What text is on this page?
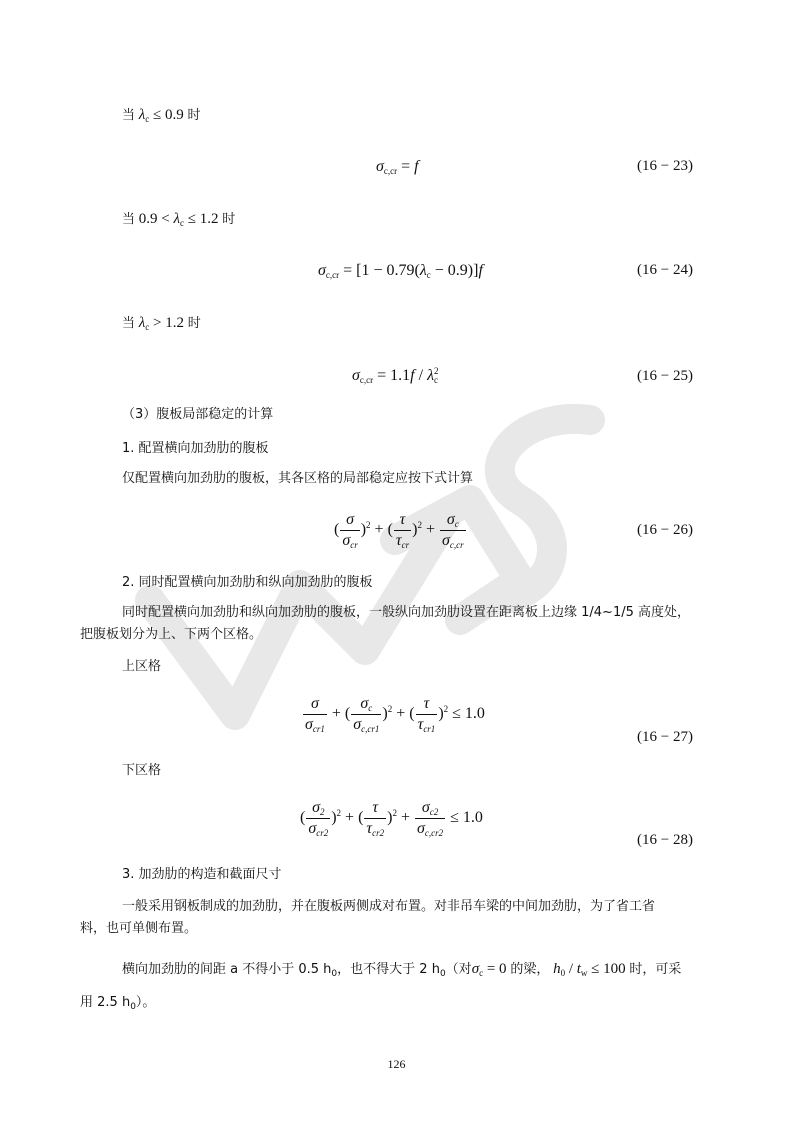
当 $\lambda_c \le 0.9$ 时
$\sigma_{c,cr} = f$	(16 − 23)
当 $0.9 < \lambda_c \le 1.2$ 时
$\sigma_{c,cr} = [1 - 0.79(\lambda_c - 0.9)]f$	(16 − 24)
当 $\lambda_c > 1.2$ 时
$\sigma_{c,cr} = 1.1f / \lambda_c^2$	(16 − 25)
（3）腹板局部稳定的计算
1. 配置横向加劲肋的腹板
仅配置横向加劲肋的腹板，其各区格的局部稳定应按下式计算
( $\frac{\sigma}{\sigma_{cr}} )^2$ + ( $\frac{\tau}{\tau_{cr}} )^2 + \frac{\sigma_c}{\sigma_{c,cr}}$	(16 − 26)
2. 同时配置横向加劲肋和纵向加劲肋的腹板
同时配置横向加劲肋和纵向加劲肋的腹板，一般纵向加劲肋设置在距离板上边缘 1/4~1/5 高度处，
把腹板划分为上、下两个区格。
上区格
$\frac{\sigma}{\sigma_{cr1}}$ + ( $\frac{\sigma_c}{\sigma_{c,cr1}} )^2$ + ( $\frac{\tau}{\tau_{cr1}} )^2 \le 1.0$
(16 − 27)
下区格
( $\frac{\sigma_2}{\sigma_{cr2}} )^2$ + ( $\frac{\tau}{\tau_{cr2}} )^2 + \frac{\sigma_{c2}}{\sigma_{c,cr2}} \le 1.0$
(16 − 28)
3. 加劲肋的构造和截面尺寸
一般采用钢板制成的加劲肋，并在腹板两侧成对布置。对非吊车梁的中间加劲肋，为了省工省
料，也可单侧布置。
横向加劲肋的间距 a 不得小于 0.5 $h_0$，也不得大于 2 $h_0$（对$\sigma_c = 0$ 的梁， $h_0 / t_w \le 100$ 时，可采
用 2.5 $h_0$）。
126
